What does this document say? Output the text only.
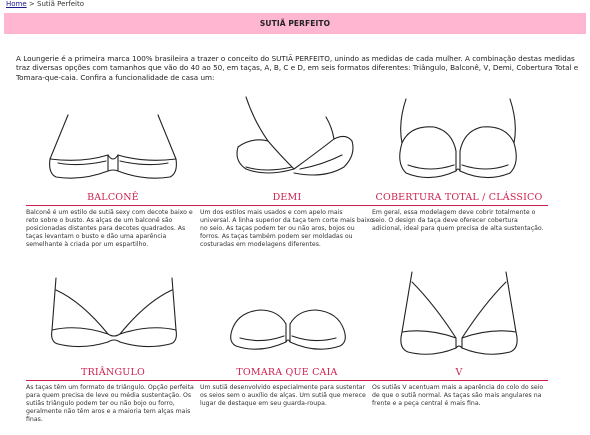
Home > Sutiã Perfeito
SUTIÃ PERFEITO
A Loungerie é a primeira marca 100% brasileira a trazer o conceito do SUTIÃ PERFEITO, unindo as medidas de cada mulher. A combinação destas medidas traz diversas opções com tamanhos que vão do 40 ao 50, em taças, A, B, C e D, em seis formatos diferentes: Triângulo, Balconê, V, Demi, Cobertura Total e Tomara-que-caia. Confira a funcionalidade de casa um:
BALCONÊ
Balconê é um estilo de sutiã sexy com decote baixo e reto sobre o busto. As alças de um balconê são posicionadas distantes para decotes quadrados. As taças levantam o busto e dão uma aparência semelhante à criada por um espartilho.
DEMI
Um dos estilos mais usados e com apelo mais universal. A linha superior da taça tem corte mais baixo no seio. As taças podem ter ou não aros, bojos ou forros. As taças também podem ser moldadas ou costuradas em modelagens diferentes.
COBERTURA TOTAL / CLÁSSICO
Em geral, essa modelagem deve cobrir totalmente o seio. O design da taça deve oferecer cobertura adicional, ideal para quem precisa de alta sustentação.
TRIÂNGULO
As taças têm um formato de triângulo. Opção perfeita para quem precisa de leve ou média sustentação. Os sutiãs triângulo podem ter ou não bojo ou forro, geralmente não têm aros e a maioria tem alças mais finas.
TOMARA QUE CAIA
Um sutiã desenvolvido especialmente para sustentar os seios sem o auxílio de alças. Um sutiã que merece lugar de destaque em seu guarda-roupa.
V
Os sutiãs V acentuam mais a aparência do colo do seio de que o sutiã normal. As taças são mais angulares na frente e a peça central é mais fina.
